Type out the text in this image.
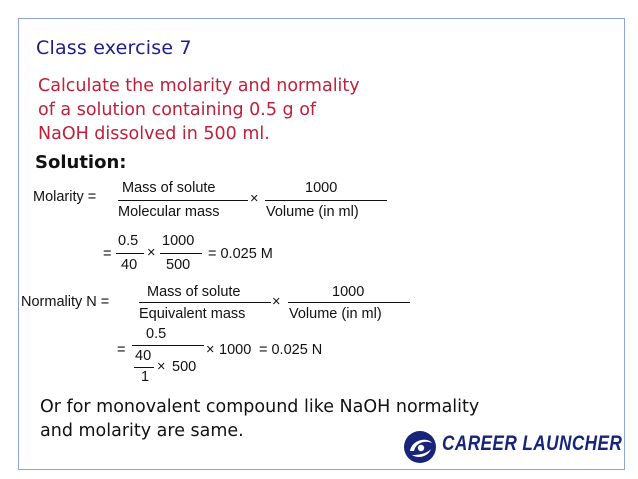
Class exercise 7
Calculate the molarity and normality
of a solution containing 0.5 g of
NaOH dissolved in 500 ml.
Solution:
Molarity =
Mass of solute
Molecular mass
×
1000
Volume (in ml)
=
0.5
40
×
1000
500
= 0.025 M
Normality N =
Mass of solute
Equivalent mass
×
1000
Volume (in ml)
=
0.5
40
1
× 500
× 1000 = 0.025 N
Or for monovalent compound like NaOH normality
and molarity are same.
CAREER LAUNCHER
